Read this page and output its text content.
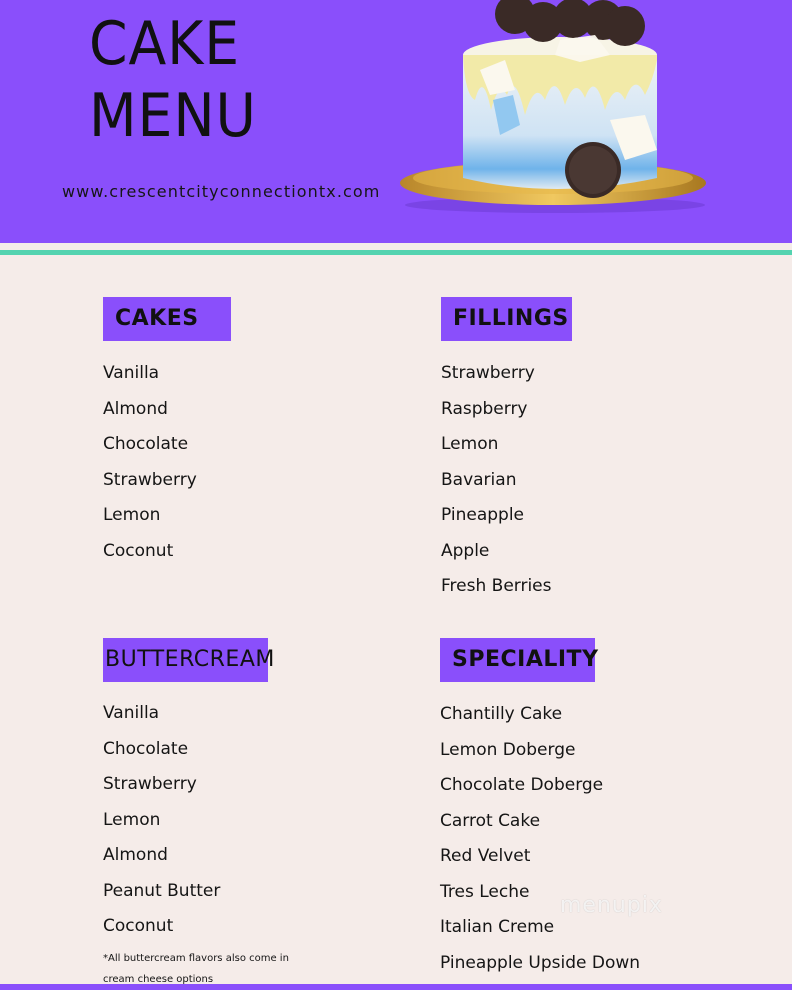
CAKE
MENU
www.crescentcityconnectiontx.com
CAKES
Vanilla
Almond
Chocolate
Strawberry
Lemon
Coconut
FILLINGS
Strawberry
Raspberry
Lemon
Bavarian
Pineapple
Apple
Fresh Berries
BUTTERCREAM
Vanilla
Chocolate
Strawberry
Lemon
Almond
Peanut Butter
Coconut
*All buttercream flavors also come in cream cheese options
SPECIALITY
Chantilly Cake
Lemon Doberge
Chocolate Doberge
Carrot Cake
Red Velvet
Tres Leche
Italian Creme
Pineapple Upside Down
menupix
